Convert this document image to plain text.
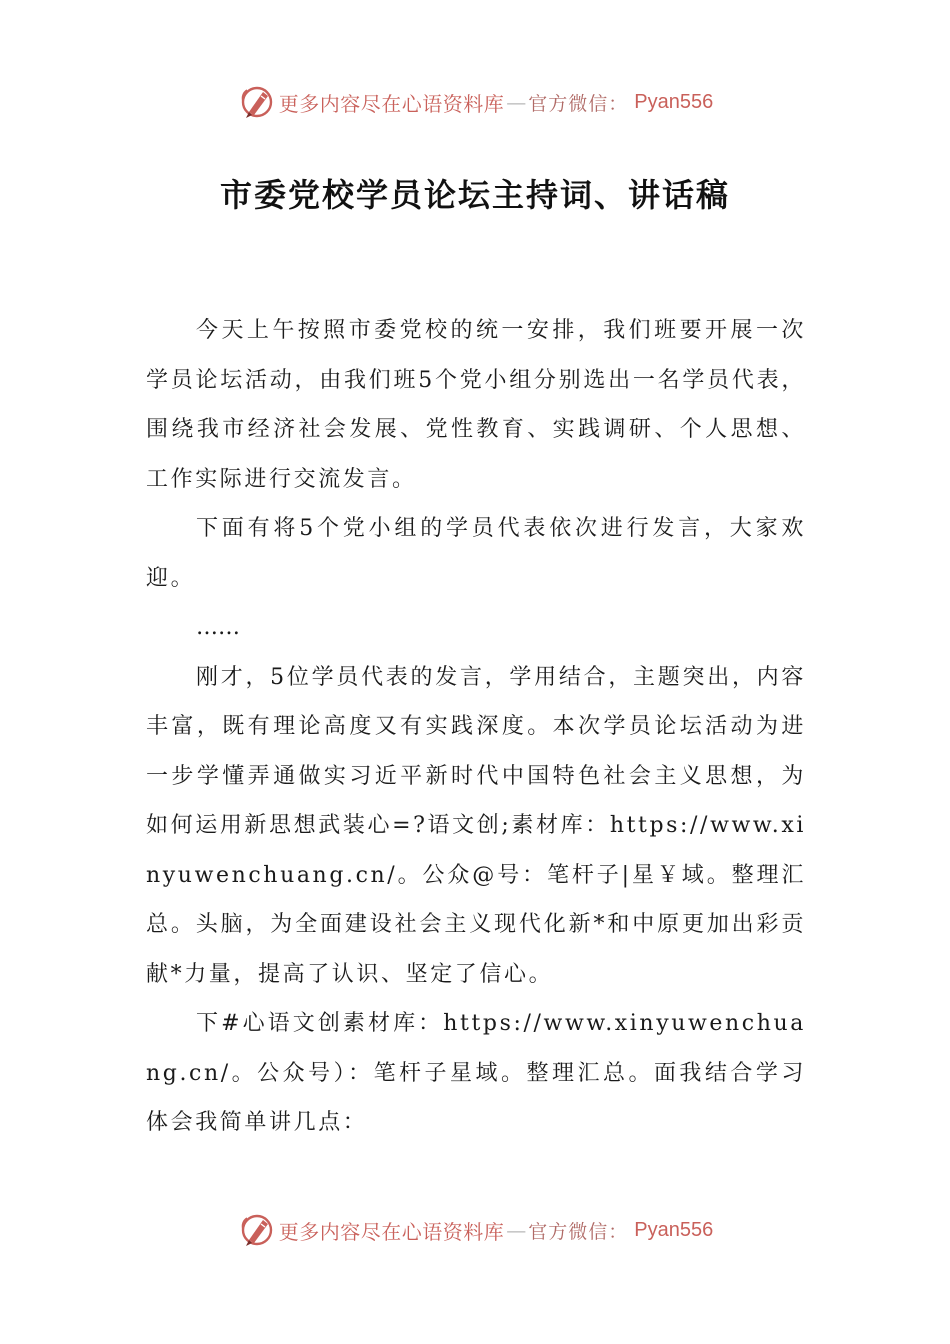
更多内容尽在心语资料库 — 官方微信： Pyan556
市委党校学员论坛主持词、讲话稿

今天上午按照市委党校的统一安排，我们班要开展一次学员论坛活动，由我们班5个党小组分别选出一名学员代表，围绕我市经济社会发展、党性教育、实践调研、个人思想、工作实际进行交流发言。

下面有将5个党小组的学员代表依次进行发言，大家欢迎。

……

刚才，5位学员代表的发言，学用结合，主题突出，内容丰富，既有理论高度又有实践深度。本次学员论坛活动为进一步学懂弄通做实习近平新时代中国特色社会主义思想，为如何运用新思想武装心=?语文创;素材库：https://www.xinyuwenchuang.cn/。公众@号：笔杆子|星￥域。整理汇总。头脑，为全面建设社会主义现代化新*和中原更加出彩贡献*力量，提高了认识、坚定了信心。

下#心语文创素材库：https://www.xinyuwenchuang.cn/。公众号）：笔杆子星域。整理汇总。面我结合学习体会我简单讲几点：

更多内容尽在心语资料库 — 官方微信： Pyan556
